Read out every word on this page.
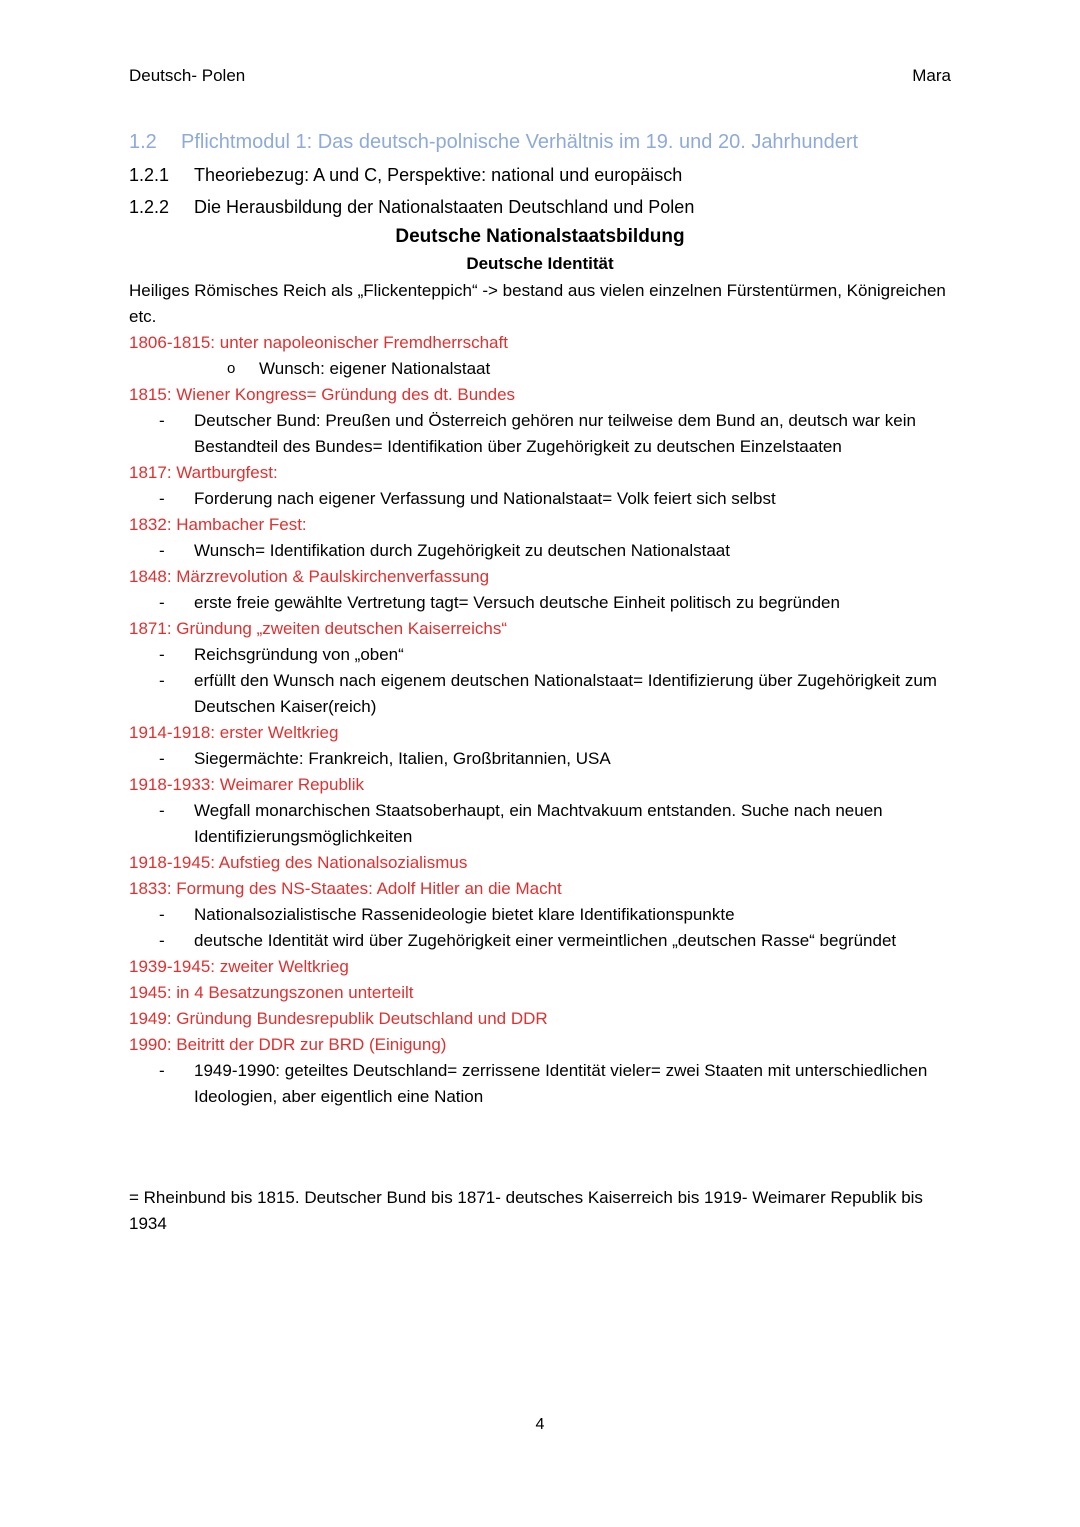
Deutsch- Polen	Mara
1.2 Pflichtmodul 1: Das deutsch-polnische Verhältnis im 19. und 20. Jahrhundert
1.2.1 Theoriebezug: A und C, Perspektive: national und europäisch
1.2.2 Die Herausbildung der Nationalstaaten Deutschland und Polen
Deutsche Nationalstaatsbildung
Deutsche Identität

Heiliges Römisches Reich als „Flickenteppich“ -> bestand aus vielen einzelnen Fürstentürmen, Königreichen etc.

1806-1815: unter napoleonischer Fremdherrschaft

o Wunsch: eigener Nationalstaat

1815: Wiener Kongress= Gründung des dt. Bundes

- Deutscher Bund: Preußen und Österreich gehören nur teilweise dem Bund an, deutsch war kein Bestandteil des Bundes= Identifikation über Zugehörigkeit zu deutschen Einzelstaaten

1817: Wartburgfest:

- Forderung nach eigener Verfassung und Nationalstaat= Volk feiert sich selbst

1832: Hambacher Fest:

- Wunsch= Identifikation durch Zugehörigkeit zu deutschen Nationalstaat

1848: Märzrevolution & Paulskirchenverfassung

- erste freie gewählte Vertretung tagt= Versuch deutsche Einheit politisch zu begründen

1871: Gründung „zweiten deutschen Kaiserreichs“

- Reichsgründung von „oben“

- erfüllt den Wunsch nach eigenem deutschen Nationalstaat= Identifizierung über Zugehörigkeit zum Deutschen Kaiser(reich)

1914-1918: erster Weltkrieg

- Siegermächte: Frankreich, Italien, Großbritannien, USA

1918-1933: Weimarer Republik

- Wegfall monarchischen Staatsoberhaupt, ein Machtvakuum entstanden. Suche nach neuen Identifizierungsmöglichkeiten

1918-1945: Aufstieg des Nationalsozialismus

1833: Formung des NS-Staates: Adolf Hitler an die Macht

- Nationalsozialistische Rassenideologie bietet klare Identifikationspunkte

- deutsche Identität wird über Zugehörigkeit einer vermeintlichen „deutschen Rasse“ begründet

1939-1945: zweiter Weltkrieg

1945: in 4 Besatzungszonen unterteilt

1949: Gründung Bundesrepublik Deutschland und DDR

1990: Beitritt der DDR zur BRD (Einigung)

- 1949-1990: geteiltes Deutschland= zerrissene Identität vieler= zwei Staaten mit unterschiedlichen Ideologien, aber eigentlich eine Nation

= Rheinbund bis 1815. Deutscher Bund bis 1871- deutsches Kaiserreich bis 1919- Weimarer Republik bis 1934
4
